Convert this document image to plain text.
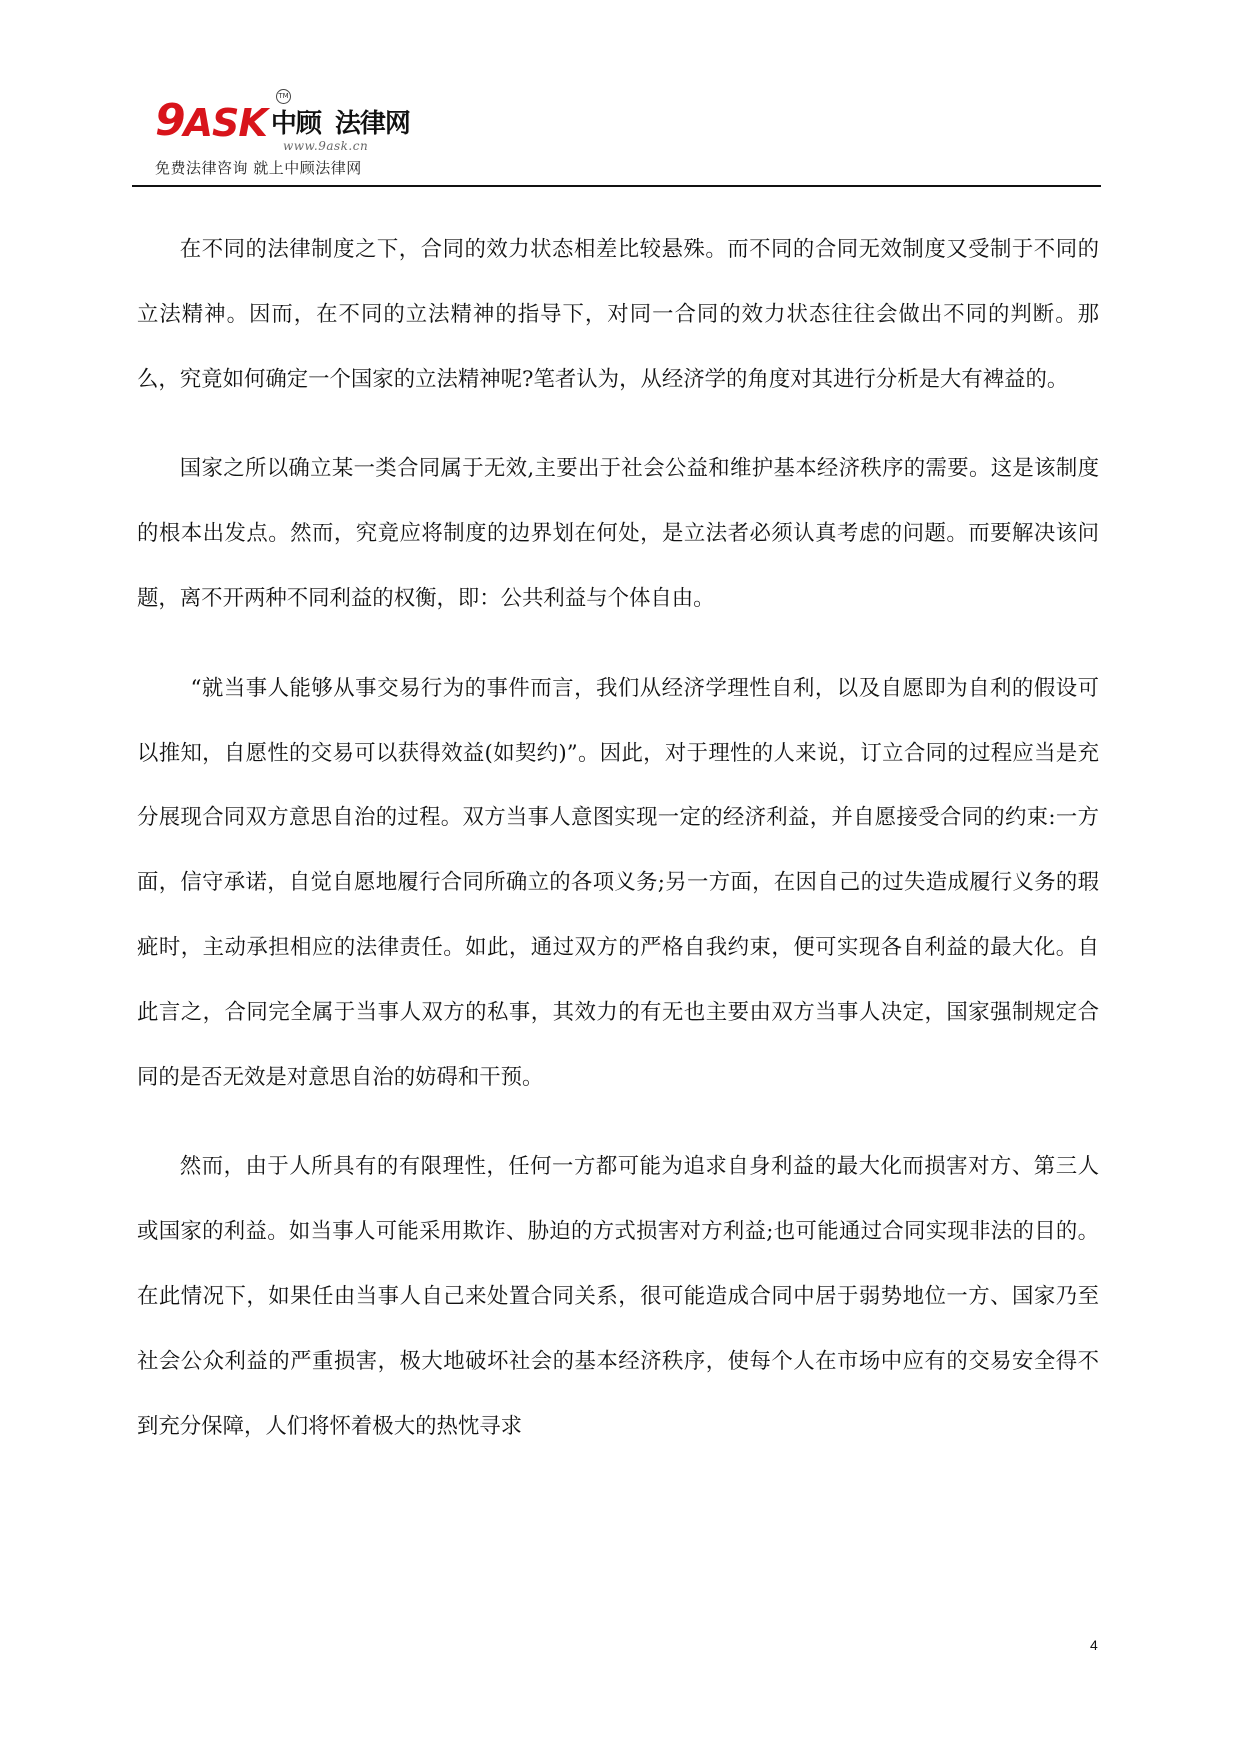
9 ASK 中顾 法律网
TM
www.9ask.cn
免费法律咨询 就上中顾法律网

在不同的法律制度之下，合同的效力状态相差比较悬殊。而不同的合同无效制度又受制于不同的立法精神。因而，在不同的立法精神的指导下，对同一合同的效力状态往往会做出不同的判断。那么，究竟如何确定一个国家的立法精神呢?笔者认为，从经济学的角度对其进行分析是大有裨益的。

国家之所以确立某一类合同属于无效,主要出于社会公益和维护基本经济秩序的需要。这是该制度的根本出发点。然而，究竟应将制度的边界划在何处，是立法者必须认真考虑的问题。而要解决该问题，离不开两种不同利益的权衡，即：公共利益与个体自由。

“就当事人能够从事交易行为的事件而言，我们从经济学理性自利，以及自愿即为自利的假设可以推知，自愿性的交易可以获得效益(如契约)”。因此，对于理性的人来说，订立合同的过程应当是充分展现合同双方意思自治的过程。双方当事人意图实现一定的经济利益，并自愿接受合同的约束:一方面，信守承诺，自觉自愿地履行合同所确立的各项义务;另一方面，在因自己的过失造成履行义务的瑕疵时，主动承担相应的法律责任。如此，通过双方的严格自我约束，便可实现各自利益的最大化。自此言之，合同完全属于当事人双方的私事，其效力的有无也主要由双方当事人决定，国家强制规定合同的是否无效是对意思自治的妨碍和干预。

然而，由于人所具有的有限理性，任何一方都可能为追求自身利益的最大化而损害对方、第三人或国家的利益。如当事人可能采用欺诈、胁迫的方式损害对方利益;也可能通过合同实现非法的目的。在此情况下，如果任由当事人自己来处置合同关系，很可能造成合同中居于弱势地位一方、国家乃至社会公众利益的严重损害，极大地破坏社会的基本经济秩序，使每个人在市场中应有的交易安全得不到充分保障，人们将怀着极大的热忱寻求

4
